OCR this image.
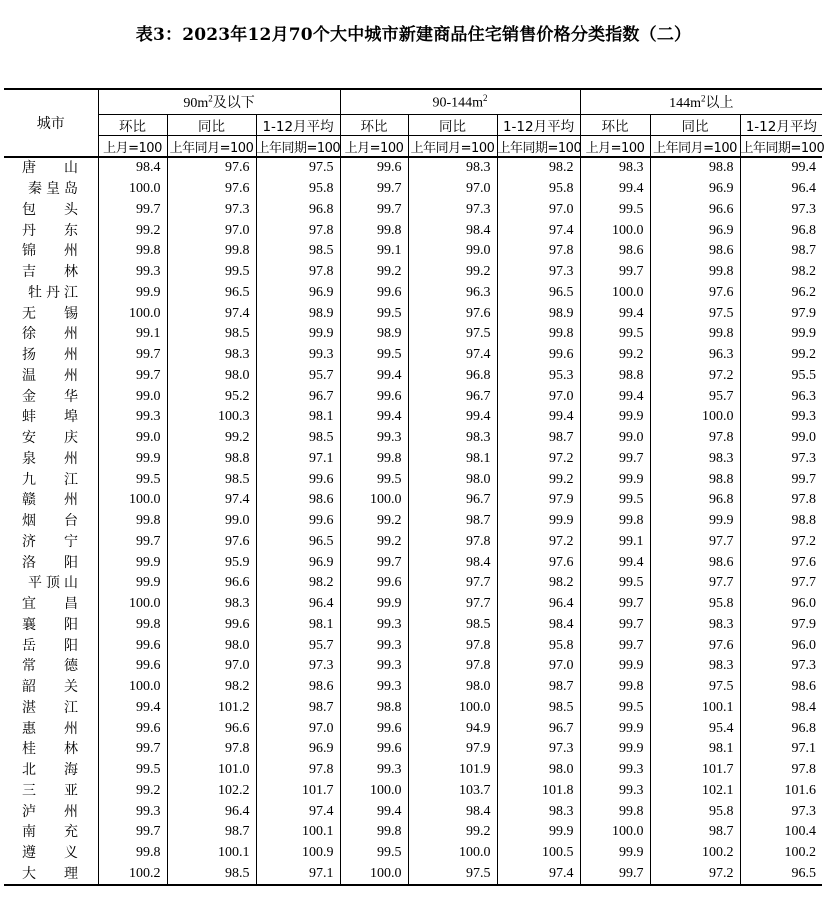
表3：2023年12月70个大中城市新建商品住宅销售价格分类指数（二）
城市	$90m^2$及以下			$90-144m^2$			$144m^2$以上		
	环比	同比	1-12月平均	环比	同比	1-12月平均	环比	同比	1-12月平均
	上月=100	上年同月=100	上年同期=100	上月=100	上年同月=100	上年同期=100	上月=100	上年同月=100	上年同期=100
唐  山	98.4	97.6	97.5	99.6	98.3	98.2	98.3	98.8	99.4
秦皇岛	100.0	97.6	95.8	99.7	97.0	95.8	99.4	96.9	96.4
包  头	99.7	97.3	96.8	99.7	97.3	97.0	99.5	96.6	97.3
丹  东	99.2	97.0	97.8	99.8	98.4	97.4	100.0	96.9	96.8
锦  州	99.8	99.8	98.5	99.1	99.0	97.8	98.6	98.6	98.7
吉  林	99.3	99.5	97.8	99.2	99.2	97.3	99.7	99.8	98.2
牡丹江	99.9	96.5	96.9	99.6	96.3	96.5	100.0	97.6	96.2
无  锡	100.0	97.4	98.9	99.5	97.6	98.9	99.4	97.5	97.9
徐  州	99.1	98.5	99.9	98.9	97.5	99.8	99.5	99.8	99.9
扬  州	99.7	98.3	99.3	99.5	97.4	99.6	99.2	96.3	99.2
温  州	99.7	98.0	95.7	99.4	96.8	95.3	98.8	97.2	95.5
金  华	99.0	95.2	96.7	99.6	96.7	97.0	99.4	95.7	96.3
蚌  埠	99.3	100.3	98.1	99.4	99.4	99.4	99.9	100.0	99.3
安  庆	99.0	99.2	98.5	99.3	98.3	98.7	99.0	97.8	99.0
泉  州	99.9	98.8	97.1	99.8	98.1	97.2	99.7	98.3	97.3
九  江	99.5	98.5	99.6	99.5	98.0	99.2	99.9	98.8	99.7
赣  州	100.0	97.4	98.6	100.0	96.7	97.9	99.5	96.8	97.8
烟  台	99.8	99.0	99.6	99.2	98.7	99.9	99.8	99.9	98.8
济  宁	99.7	97.6	96.5	99.2	97.8	97.2	99.1	97.7	97.2
洛  阳	99.9	95.9	96.9	99.7	98.4	97.6	99.4	98.6	97.6
平顶山	99.9	96.6	98.2	99.6	97.7	98.2	99.5	97.7	97.7
宜  昌	100.0	98.3	96.4	99.9	97.7	96.4	99.7	95.8	96.0
襄  阳	99.8	99.6	98.1	99.3	98.5	98.4	99.7	98.3	97.9
岳  阳	99.6	98.0	95.7	99.3	97.8	95.8	99.7	97.6	96.0
常  德	99.6	97.0	97.3	99.3	97.8	97.0	99.9	98.3	97.3
韶  关	100.0	98.2	98.6	99.3	98.0	98.7	99.8	97.5	98.6
湛  江	99.4	101.2	98.7	98.8	100.0	98.5	99.5	100.1	98.4
惠  州	99.6	96.6	97.0	99.6	94.9	96.7	99.9	95.4	96.8
桂  林	99.7	97.8	96.9	99.6	97.9	97.3	99.9	98.1	97.1
北  海	99.5	101.0	97.8	99.3	101.9	98.0	99.3	101.7	97.8
三  亚	99.2	102.2	101.7	100.0	103.7	101.8	99.3	102.1	101.6
泸  州	99.3	96.4	97.4	99.4	98.4	98.3	99.8	95.8	97.3
南  充	99.7	98.7	100.1	99.8	99.2	99.9	100.0	98.7	100.4
遵  义	99.8	100.1	100.9	99.5	100.0	100.5	99.9	100.2	100.2
大  理	100.2	98.5	97.1	100.0	97.5	97.4	99.7	97.2	96.5
